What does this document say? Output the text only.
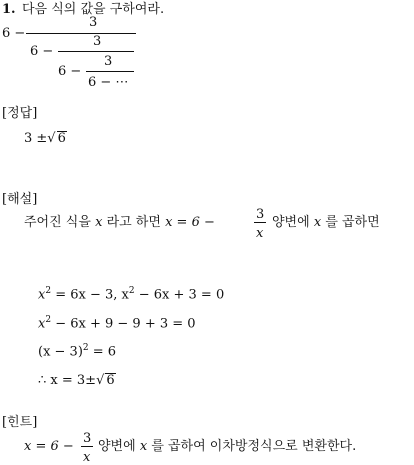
1. 다음 식의 값을 구하여라.
6 −
3
6 −
3
6 −
3
6 − ⋯
[정답]
3 ±√ 6
[해설]
주어진 식을 x 라고 하면 x = 6 −
3
x
양변에 x 를 곱하면
$x^2 = 6x - 3$, $x^2 - 6x + 3 = 0$
$x^2 - 6x + 9 - 9 + 3 = 0$
$(x - 3)^2 = 6$
∴ x = 3±√ 6
[힌트]
x = 6 −
3
x
양변에 x 를 곱하여 이차방정식으로 변환한다.
